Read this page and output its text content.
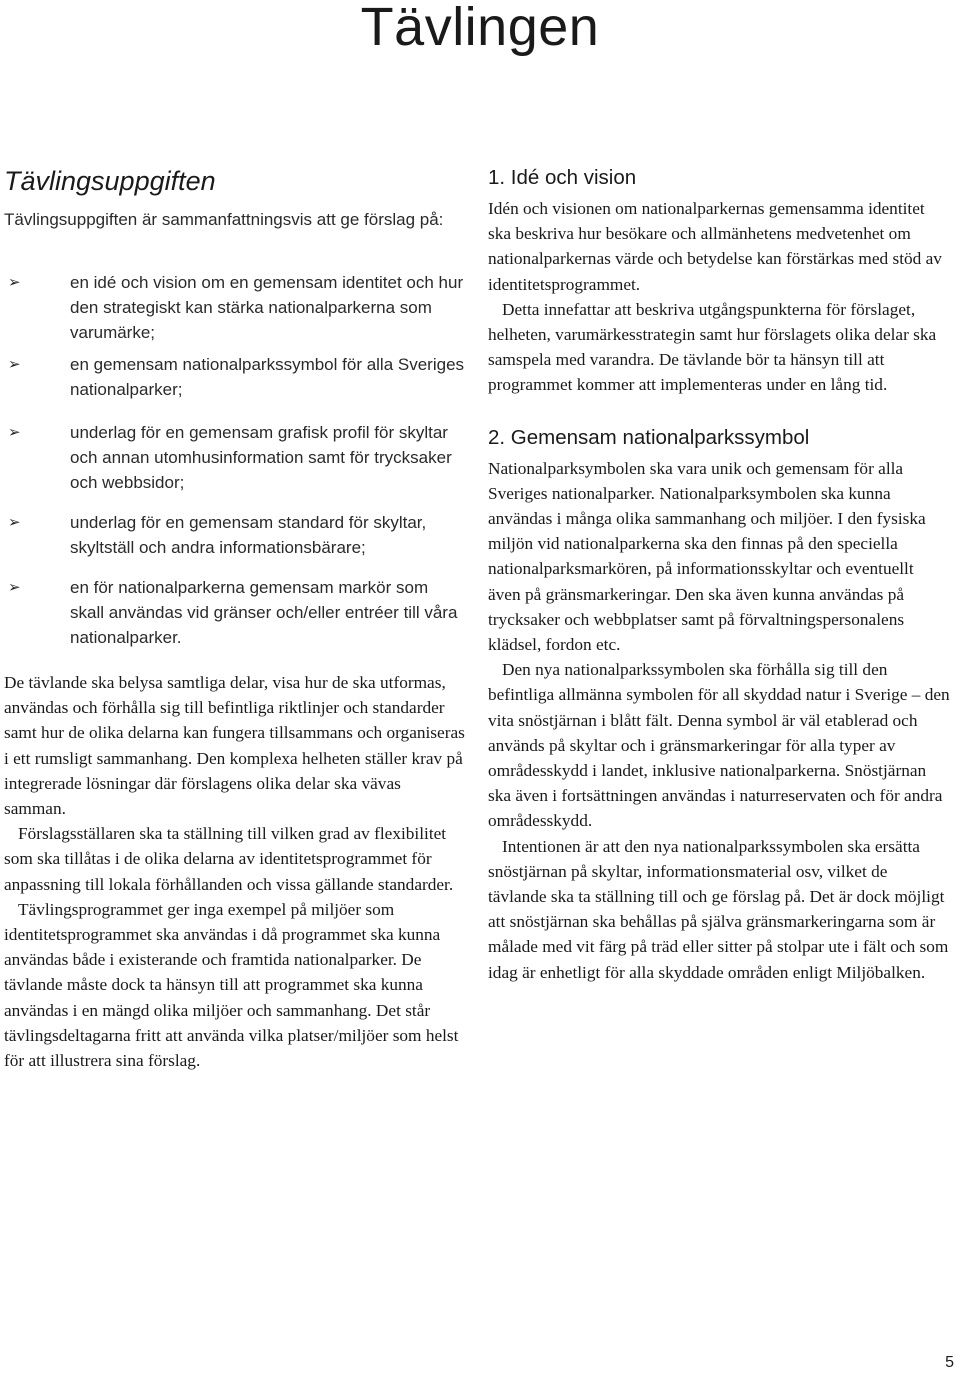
Tävlingen
Tävlingsuppgiften

Tävlingsuppgiften är sammanfattningsvis att ge förslag på:

➢	en idé och vision om en gemensam identitet och hur den strategiskt kan stärka nationalparkerna som varumärke;
➢	en gemensam nationalparkssymbol för alla Sveriges nationalparker;
➢	underlag för en gemensam grafisk profil för skyltar och annan utomhusinformation samt för trycksaker och webbsidor;
➢	underlag för en gemensam standard för skyltar, skyltställ och andra informationsbärare;
➢	en för nationalparkerna gemensam markör som skall användas vid gränser och/eller entréer till våra nationalparker.

De tävlande ska belysa samtliga delar, visa hur de ska utformas, användas och förhålla sig till befintliga riktlinjer och standarder samt hur de olika delarna kan fungera tillsammans och organiseras i ett rumsligt sammanhang. Den komplexa helheten ställer krav på integrerade lösningar där förslagens olika delar ska vävas samman.

Förslagsställaren ska ta ställning till vilken grad av flexibilitet som ska tillåtas i de olika delarna av identitetsprogrammet för anpassning till lokala förhållanden och vissa gällande standarder.

Tävlingsprogrammet ger inga exempel på miljöer som identitetsprogrammet ska användas i då programmet ska kunna användas både i existerande och framtida nationalparker. De tävlande måste dock ta hänsyn till att programmet ska kunna användas i en mängd olika miljöer och sammanhang. Det står tävlingsdeltagarna fritt att använda vilka platser/miljöer som helst för att illustrera sina förslag.

1. Idé och vision

Idén och visionen om nationalparkernas gemensamma identitet ska beskriva hur besökare och allmänhetens medvetenhet om nationalparkernas värde och betydelse kan förstärkas med stöd av identitetsprogrammet.

Detta innefattar att beskriva utgångspunkterna för förslaget, helheten, varumärkesstrategin samt hur förslagets olika delar ska samspela med varandra. De tävlande bör ta hänsyn till att programmet kommer att implementeras under en lång tid.

2. Gemensam nationalparkssymbol

Nationalparksymbolen ska vara unik och gemensam för alla Sveriges nationalparker. Nationalparksymbolen ska kunna användas i många olika sammanhang och miljöer. I den fysiska miljön vid nationalparkerna ska den finnas på den speciella nationalparksmarkören, på informationsskyltar och eventuellt även på gränsmarkeringar. Den ska även kunna användas på trycksaker och webbplatser samt på förvaltningspersonalens klädsel, fordon etc.

Den nya nationalparkssymbolen ska förhålla sig till den befintliga allmänna symbolen för all skyddad natur i Sverige – den vita snöstjärnan i blått fält. Denna symbol är väl etablerad och används på skyltar och i gränsmarkeringar för alla typer av områdesskydd i landet, inklusive nationalparkerna. Snöstjärnan ska även i fortsättningen användas i naturreservaten och för andra områdesskydd.

Intentionen är att den nya nationalparkssymbolen ska ersätta snöstjärnan på skyltar, informationsmaterial osv, vilket de tävlande ska ta ställning till och ge förslag på. Det är dock möjligt att snöstjärnan ska behållas på själva gränsmarkeringarna som är målade med vit färg på träd eller sitter på stolpar ute i fält och som idag är enhetligt för alla skyddade områden enligt Miljöbalken.

5
